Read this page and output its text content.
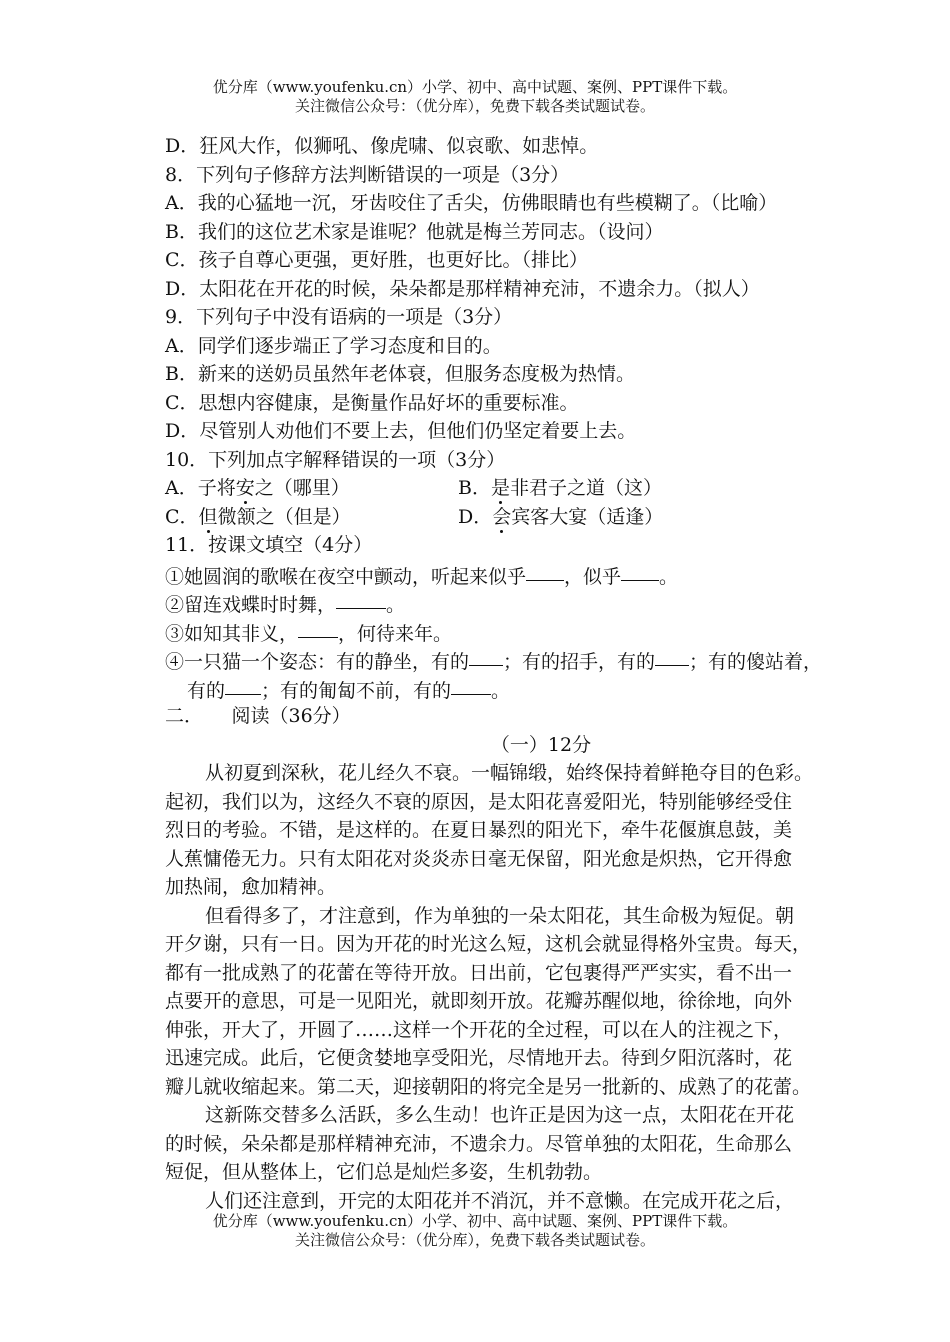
优分库（www.youfenku.cn）小学、初中、高中试题、案例、PPT课件下载。
关注微信公众号：（优分库），免费下载各类试题试卷。
D．狂风大作，似狮吼、像虎啸、似哀歌、如悲悼。
8．下列句子修辞方法判断错误的一项是（3分）
A．我的心猛地一沉，牙齿咬住了舌尖，仿佛眼睛也有些模糊了。（比喻）
B．我们的这位艺术家是谁呢？他就是梅兰芳同志。（设问）
C．孩子自尊心更强，更好胜，也更好比。（排比）
D．太阳花在开花的时候，朵朵都是那样精神充沛，不遗余力。（拟人）
9．下列句子中没有语病的一项是（3分）
A．同学们逐步端正了学习态度和目的。
B．新来的送奶员虽然年老体衰，但服务态度极为热情。
C．思想内容健康，是衡量作品好坏的重要标准。
D．尽管别人劝他们不要上去，但他们仍坚定着要上去。
10．下列加点字解释错误的一项（3分）
A．子将安之（哪里）	B．是非君子之道（这）
C．但微颔之（但是）	D．会宾客大宴（适逢）
11．按课文填空（4分）
①她圆润的歌喉在夜空中颤动，听起来似乎 ，似乎 。
②留连戏蝶时时舞，	。
③如知其非义， ，何待来年。
④一只猫一个姿态：有的静坐，有的 ；有的招手，有的 ；有的傻站着，
有的 ；有的匍匐不前，有的 。
二．　　阅读（36分）
（一）12分
从初夏到深秋，花儿经久不衰。一幅锦缎，始终保持着鲜艳夺目的色彩。
起初，我们以为，这经久不衰的原因，是太阳花喜爱阳光，特别能够经受住
烈日的考验。不错，是这样的。在夏日暴烈的阳光下，牵牛花偃旗息鼓，美
人蕉慵倦无力。只有太阳花对炎炎赤日毫无保留，阳光愈是炽热，它开得愈
加热闹，愈加精神。
但看得多了，才注意到，作为单独的一朵太阳花，其生命极为短促。朝
开夕谢，只有一日。因为开花的时光这么短，这机会就显得格外宝贵。每天，
都有一批成熟了的花蕾在等待开放。日出前，它包裹得严严实实，看不出一
点要开的意思，可是一见阳光，就即刻开放。花瓣苏醒似地，徐徐地，向外
伸张，开大了，开圆了……这样一个开花的全过程，可以在人的注视之下，
迅速完成。此后，它便贪婪地享受阳光，尽情地开去。待到夕阳沉落时，花
瓣儿就收缩起来。第二天，迎接朝阳的将完全是另一批新的、成熟了的花蕾。
这新陈交替多么活跃，多么生动！也许正是因为这一点，太阳花在开花
的时候，朵朵都是那样精神充沛，不遗余力。尽管单独的太阳花，生命那么
短促，但从整体上，它们总是灿烂多姿，生机勃勃。
人们还注意到，开完的太阳花并不消沉，并不意懒。在完成开花之后，
优分库（www.youfenku.cn）小学、初中、高中试题、案例、PPT课件下载。
关注微信公众号：（优分库），免费下载各类试题试卷。
